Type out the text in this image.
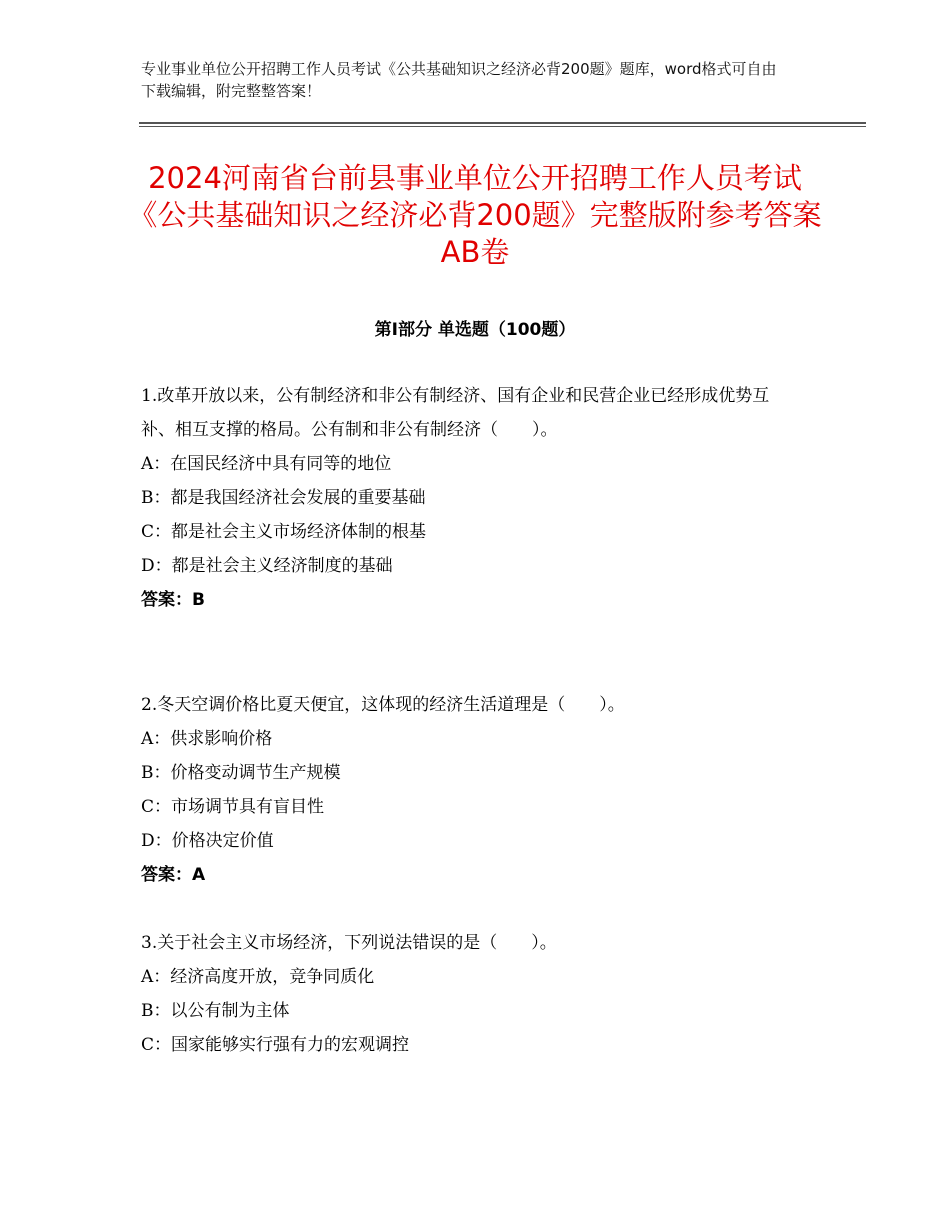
专业事业单位公开招聘工作人员考试《公共基础知识之经济必背200题》题库，word格式可自由下载编辑，附完整整答案！
2024河南省台前县事业单位公开招聘工作人员考试《公共基础知识之经济必背200题》完整版附参考答案AB卷
第Ⅰ部分 单选题（100题）

1.改革开放以来，公有制经济和非公有制经济、国有企业和民营企业已经形成优势互补、相互支撑的格局。公有制和非公有制经济（　　）。

A：在国民经济中具有同等的地位
B：都是我国经济社会发展的重要基础
C：都是社会主义市场经济体制的根基
D：都是社会主义经济制度的基础
答案：B

2.冬天空调价格比夏天便宜，这体现的经济生活道理是（　　）。

A：供求影响价格
B：价格变动调节生产规模
C：市场调节具有盲目性
D：价格决定价值
答案：A

3.关于社会主义市场经济，下列说法错误的是（　　）。

A：经济高度开放，竞争同质化
B：以公有制为主体
C：国家能够实行强有力的宏观调控
